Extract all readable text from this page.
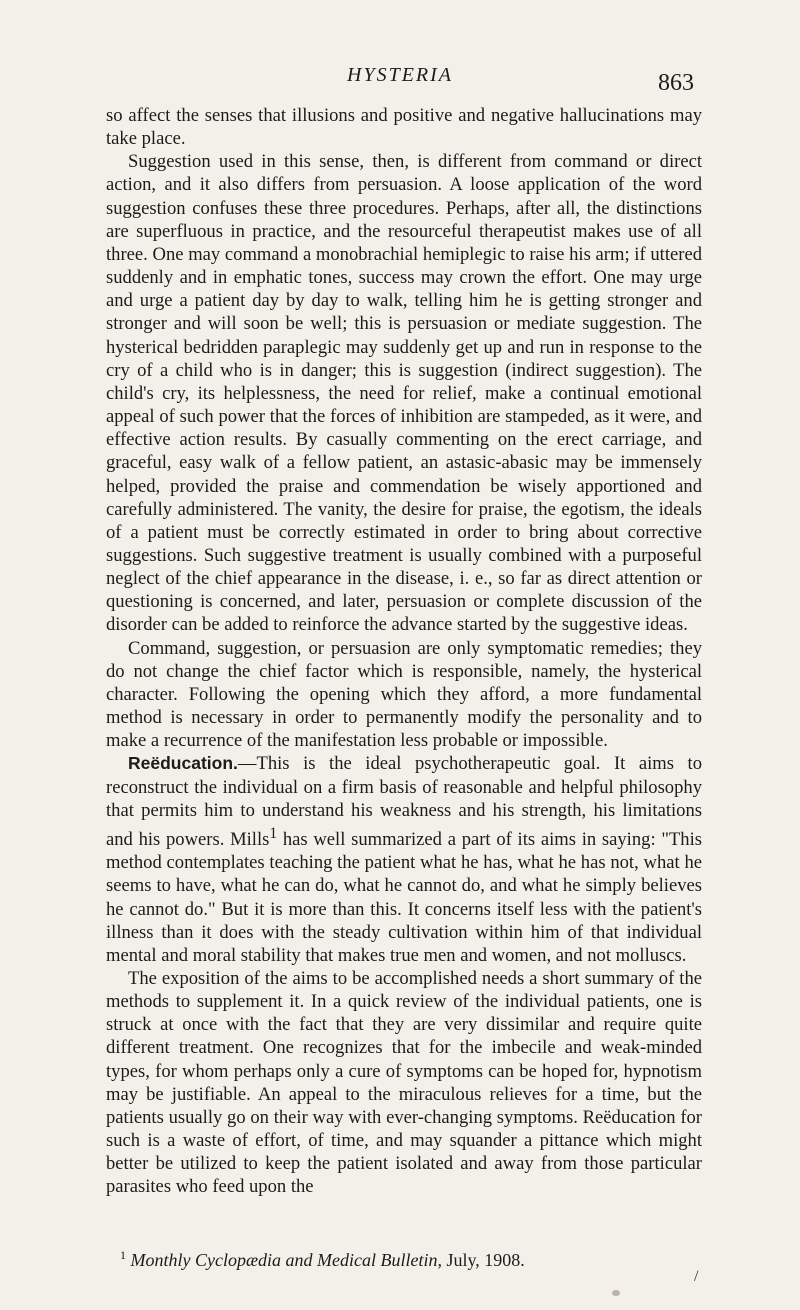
HYSTERIA	863

so affect the senses that illusions and positive and negative hallucinations may take place.

Suggestion used in this sense, then, is different from command or direct action, and it also differs from persuasion. A loose application of the word suggestion confuses these three procedures. Perhaps, after all, the distinctions are superfluous in practice, and the resourceful therapeutist makes use of all three. One may command a monobrachial hemiplegic to raise his arm; if uttered suddenly and in emphatic tones, success may crown the effort. One may urge and urge a patient day by day to walk, telling him he is getting stronger and stronger and will soon be well; this is persuasion or mediate suggestion. The hysterical bedridden paraplegic may suddenly get up and run in response to the cry of a child who is in danger; this is suggestion (indirect suggestion). The child's cry, its helplessness, the need for relief, make a continual emotional appeal of such power that the forces of inhibition are stampeded, as it were, and effective action results. By casually commenting on the erect carriage, and graceful, easy walk of a fellow patient, an astasic-abasic may be immensely helped, provided the praise and commendation be wisely apportioned and carefully administered. The vanity, the desire for praise, the egotism, the ideals of a patient must be correctly estimated in order to bring about corrective suggestions. Such suggestive treatment is usually combined with a purposeful neglect of the chief appearance in the disease, i. e., so far as direct attention or questioning is concerned, and later, persuasion or complete discussion of the disorder can be added to reinforce the advance started by the suggestive ideas.

Command, suggestion, or persuasion are only symptomatic remedies; they do not change the chief factor which is responsible, namely, the hysterical character. Following the opening which they afford, a more fundamental method is necessary in order to permanently modify the personality and to make a recurrence of the manifestation less probable or impossible.

Reëducation.—This is the ideal psychotherapeutic goal. It aims to reconstruct the individual on a firm basis of reasonable and helpful philosophy that permits him to understand his weakness and his strength, his limitations and his powers. Mills$^1$ has well summarized a part of its aims in saying: "This method contemplates teaching the patient what he has, what he has not, what he seems to have, what he can do, what he cannot do, and what he simply believes he cannot do." But it is more than this. It concerns itself less with the patient's illness than it does with the steady cultivation within him of that individual mental and moral stability that makes true men and women, and not molluscs.

The exposition of the aims to be accomplished needs a short summary of the methods to supplement it. In a quick review of the individual patients, one is struck at once with the fact that they are very dissimilar and require quite different treatment. One recognizes that for the imbecile and weak-minded types, for whom perhaps only a cure of symptoms can be hoped for, hypnotism may be justifiable. An appeal to the miraculous relieves for a time, but the patients usually go on their way with ever-changing symptoms. Reëducation for such is a waste of effort, of time, and may squander a pittance which might better be utilized to keep the patient isolated and away from those particular parasites who feed upon the

$^1$ Monthly Cyclopædia and Medical Bulletin, July, 1908.
/
